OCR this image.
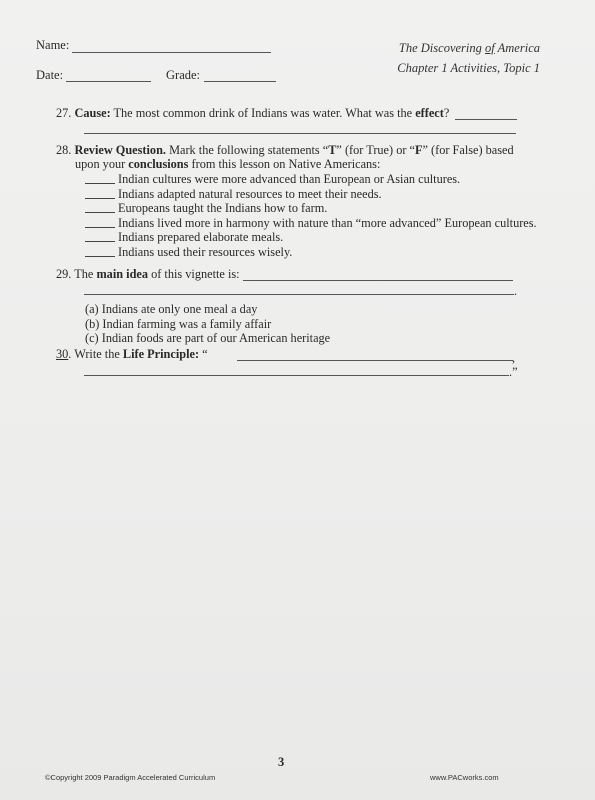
Name:
Date:	Grade:
The Discovering of America
Chapter 1 Activities, Topic 1
27. Cause: The most common drink of Indians was water. What was the effect?
28. Review Question. Mark the following statements “T” (for True) or “F” (for False) based
upon your conclusions from this lesson on Native Americans:
Indian cultures were more advanced than European or Asian cultures.
Indians adapted natural resources to meet their needs.
Europeans taught the Indians how to farm.
Indians lived more in harmony with nature than “more advanced” European cultures.
Indians prepared elaborate meals.
Indians used their resources wisely.
29. The main idea of this vignette is:
.
(a) Indians ate only one meal a day
(b) Indian farming was a family affair
(c) Indian foods are part of our American heritage
30. Write the Life Principle: “	,
.”
3
©Copyright 2009 Paradigm Accelerated Curriculum	www.PACworks.com
